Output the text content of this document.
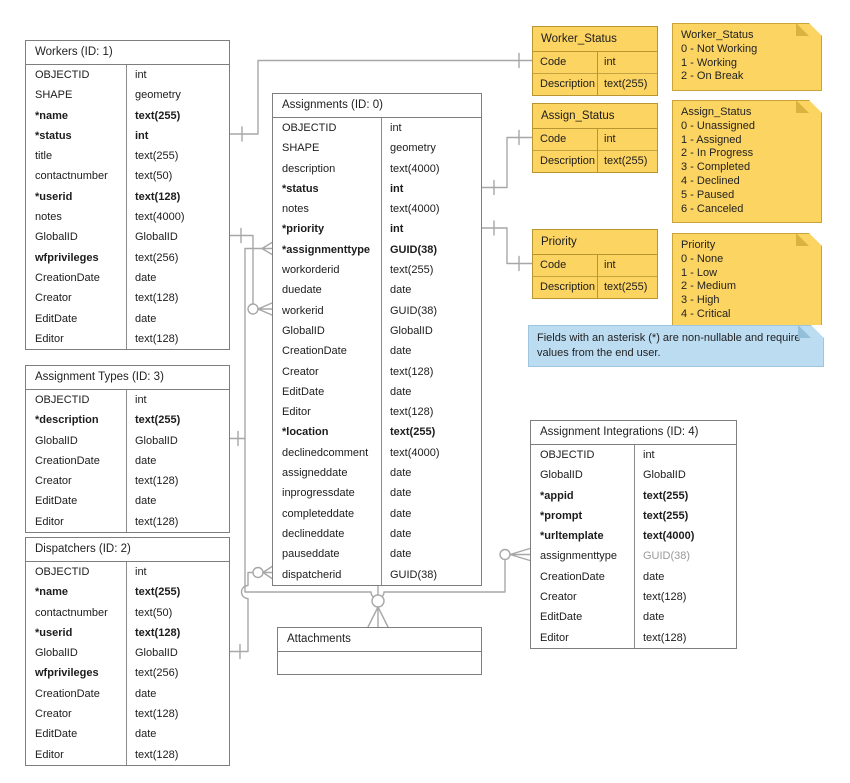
Workers (ID: 1)
OBJECTID	int
SHAPE	geometry
*name	text(255)
*status	int
title	text(255)
contactnumber	text(50)
*userid	text(128)
notes	text(4000)
GlobalID	GlobalID
wfprivileges	text(256)
CreationDate	date
Creator	text(128)
EditDate	date
Editor	text(128)
Assignment Types (ID: 3)
OBJECTID	int
*description	text(255)
GlobalID	GlobalID
CreationDate	date
Creator	text(128)
EditDate	date
Editor	text(128)
Dispatchers (ID: 2)
OBJECTID	int
*name	text(255)
contactnumber	text(50)
*userid	text(128)
GlobalID	GlobalID
wfprivileges	text(256)
CreationDate	date
Creator	text(128)
EditDate	date
Editor	text(128)
Assignments (ID: 0)
OBJECTID	int
SHAPE	geometry
description	text(4000)
*status	int
notes	text(4000)
*priority	int
*assignmenttype	GUID(38)
workorderid	text(255)
duedate	date
workerid	GUID(38)
GlobalID	GlobalID
CreationDate	date
Creator	text(128)
EditDate	date
Editor	text(128)
*location	text(255)
declinedcomment	text(4000)
assigneddate	date
inprogressdate	date
completeddate	date
declineddate	date
pauseddate	date
dispatcherid	GUID(38)
Attachments
Assignment Integrations (ID: 4)
OBJECTID	int
GlobalID	GlobalID
*appid	text(255)
*prompt	text(255)
*urltemplate	text(4000)
assignmenttype	GUID(38)
CreationDate	date
Creator	text(128)
EditDate	date
Editor	text(128)
Worker_Status
Code	int
Description text(255)
Assign_Status
Code	int
Description text(255)
Priority
Code	int
Description text(255)
Worker_Status
0 - Not Working
1 - Working
2 - On Break
Assign_Status
0 - Unassigned
1 - Assigned
2 - In Progress
3 - Completed
4 - Declined
5 - Paused
6 - Canceled
Priority
0 - None
1 - Low
2 - Medium
3 - High
4 - Critical
Fields with an asterisk (*) are non-nullable and require values from the end user.
